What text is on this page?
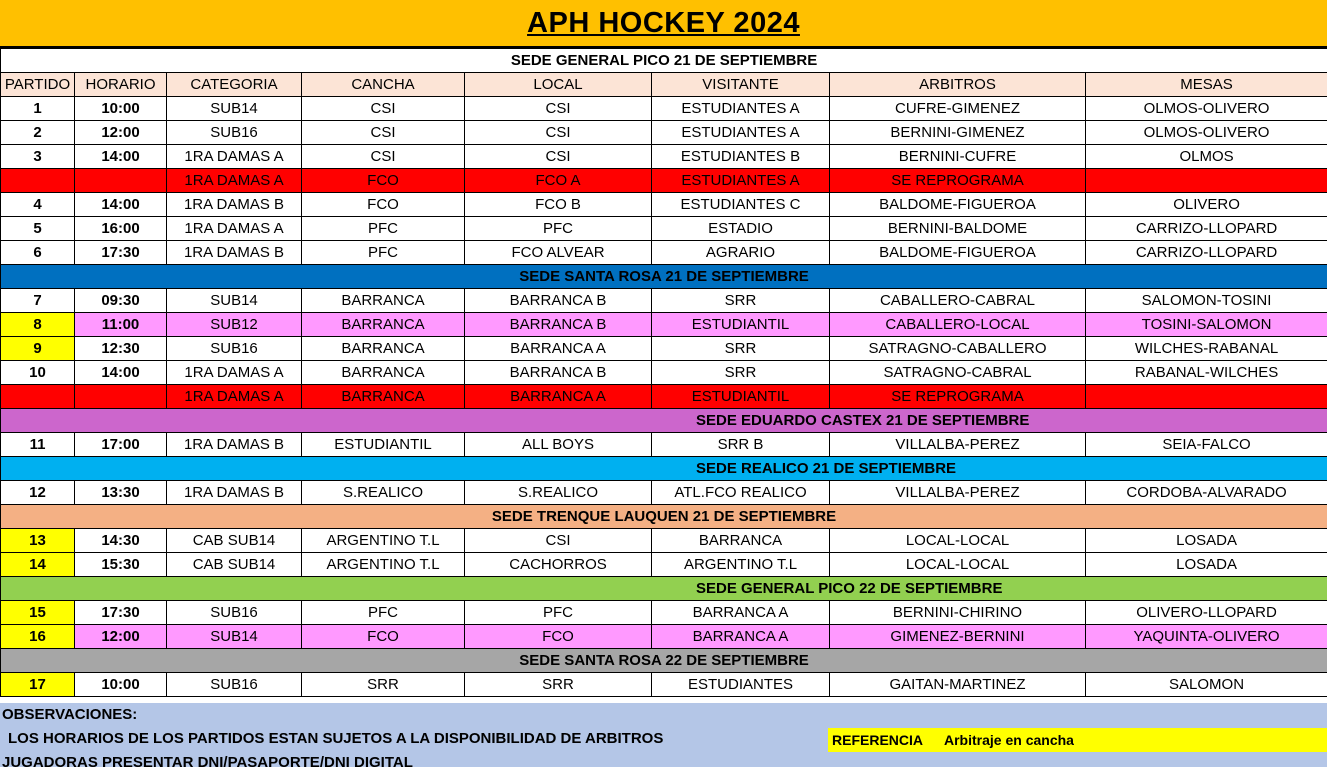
APH HOCKEY 2024
SEDE GENERAL PICO 21 DE SEPTIEMBRE							
PARTIDO	HORARIO	CATEGORIA	CANCHA	LOCAL	VISITANTE	ARBITROS	MESAS
1	10:00	SUB14	CSI	CSI	ESTUDIANTES A	CUFRE-GIMENEZ	OLMOS-OLIVERO
2	12:00	SUB16	CSI	CSI	ESTUDIANTES A	BERNINI-GIMENEZ	OLMOS-OLIVERO
3	14:00	1RA DAMAS A	CSI	CSI	ESTUDIANTES B	BERNINI-CUFRE	OLMOS
		1RA DAMAS A	FCO	FCO A	ESTUDIANTES A	SE REPROGRAMA	
4	14:00	1RA DAMAS B	FCO	FCO B	ESTUDIANTES C	BALDOME-FIGUEROA	OLIVERO
5	16:00	1RA DAMAS A	PFC	PFC	ESTADIO	BERNINI-BALDOME	CARRIZO-LLOPARD
6	17:30	1RA DAMAS B	PFC	FCO ALVEAR	AGRARIO	BALDOME-FIGUEROA	CARRIZO-LLOPARD
SEDE SANTA ROSA 21 DE SEPTIEMBRE							
7	09:30	SUB14	BARRANCA	BARRANCA B	SRR	CABALLERO-CABRAL	SALOMON-TOSINI
8	11:00	SUB12	BARRANCA	BARRANCA B	ESTUDIANTIL	CABALLERO-LOCAL	TOSINI-SALOMON
9	12:30	SUB16	BARRANCA	BARRANCA A	SRR	SATRAGNO-CABALLERO	WILCHES-RABANAL
10	14:00	1RA DAMAS A	BARRANCA	BARRANCA B	SRR	SATRAGNO-CABRAL	RABANAL-WILCHES
		1RA DAMAS A	BARRANCA	BARRANCA A	ESTUDIANTIL	SE REPROGRAMA	
SEDE EDUARDO CASTEX 21 DE SEPTIEMBRE							
11	17:00	1RA DAMAS B	ESTUDIANTIL	ALL BOYS	SRR B	VILLALBA-PEREZ	SEIA-FALCO
SEDE REALICO 21 DE SEPTIEMBRE							
12	13:30	1RA DAMAS B	S.REALICO	S.REALICO	ATL.FCO REALICO	VILLALBA-PEREZ	CORDOBA-ALVARADO
SEDE TRENQUE LAUQUEN 21 DE SEPTIEMBRE							
13	14:30	CAB SUB14	ARGENTINO T.L	CSI	BARRANCA	LOCAL-LOCAL	LOSADA
14	15:30	CAB SUB14	ARGENTINO T.L	CACHORROS	ARGENTINO T.L	LOCAL-LOCAL	LOSADA
SEDE GENERAL PICO 22 DE SEPTIEMBRE							
15	17:30	SUB16	PFC	PFC	BARRANCA A	BERNINI-CHIRINO	OLIVERO-LLOPARD
16	12:00	SUB14	FCO	FCO	BARRANCA A	GIMENEZ-BERNINI	YAQUINTA-OLIVERO
SEDE SANTA ROSA 22 DE SEPTIEMBRE							
17	10:00	SUB16	SRR	SRR	ESTUDIANTES	GAITAN-MARTINEZ	SALOMON
OBSERVACIONES:
LOS HORARIOS DE LOS PARTIDOS ESTAN SUJETOS A LA DISPONIBILIDAD DE ARBITROS
JUGADORAS PRESENTAR DNI/PASAPORTE/DNI DIGITAL
REFERENCIA Arbitraje en cancha
